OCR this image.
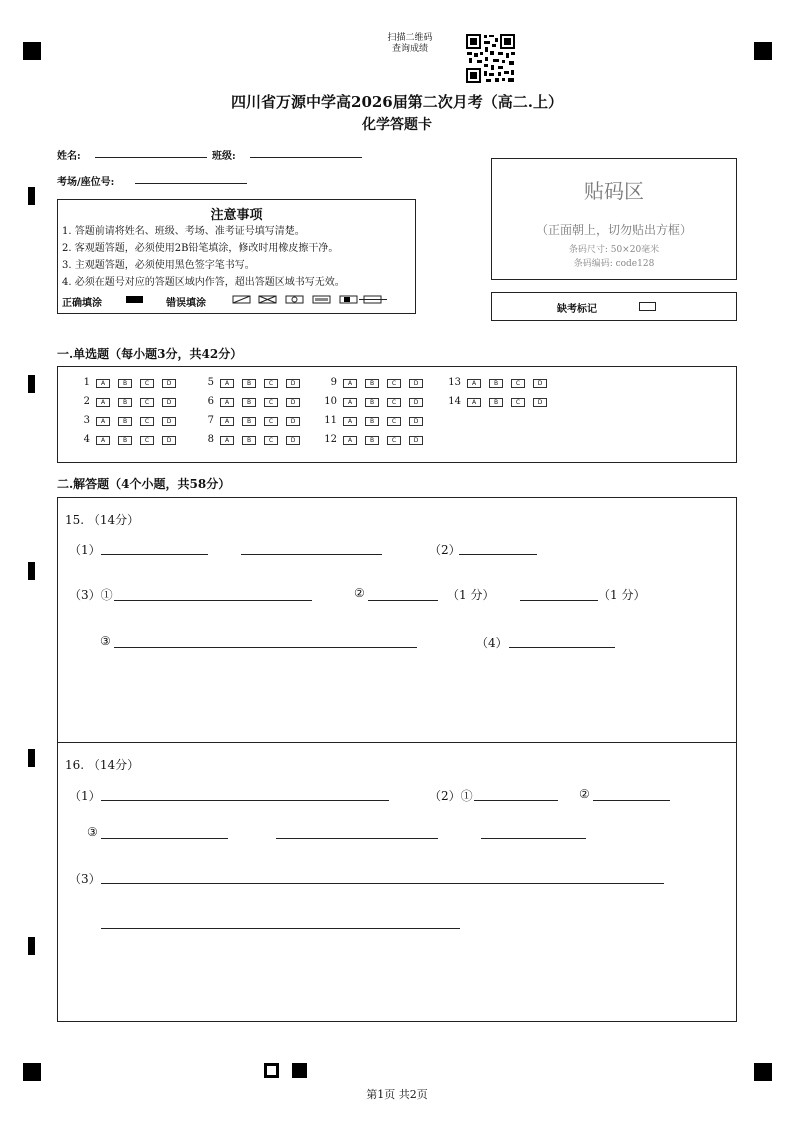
扫描二维码
查询成绩
四川省万源中学高2026届第二次月考（高二.上）
化学答题卡
姓名:	班级:
考场/座位号:	贴码区
（正面朝上，切勿贴出方框）
条码尺寸: 50×20毫米
条码编码: code128
缺考标记
注意事项
1. 答题前请将姓名、班级、考场、准考证号填写清楚。
2. 客观题答题，必须使用2B铅笔填涂，修改时用橡皮擦干净。
3. 主观题答题，必须使用黑色签字笔书写。
4. 必须在题号对应的答题区域内作答，超出答题区域书写无效。
正确填涂	错误填涂
一.单选题（每小题3分，共42分）
1	A	B	C	D
2	A	B	C	D
3	A	B	C	D
4	A	B	C	D
5	A	B	C	D
6	A	B	C	D
7	A	B	C	D
8	A	B	C	D
9	A	B	C	D
10	A	B	C	D
11	A	B	C	D
12	A	B	C	D
13	A	B	C	D
14	A	B	C	D
二.解答题（4个小题，共58分）
15. （14分）
（1）	（2）
（3）①	②	（1 分）	（1 分）
③	（4）
16. （14分）
（1）	（2）①	②
③
（3）
第1页 共2页
